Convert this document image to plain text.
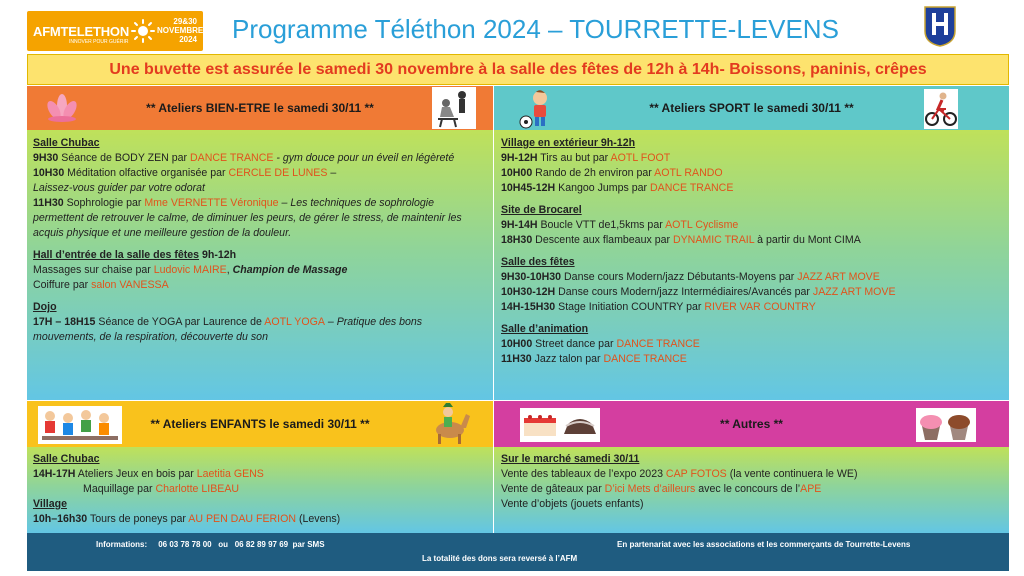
AFMTELETHON
INNOVER POUR GUÉRIR
29&30 NOVEMBRE 2024 Programme Téléthon 2024 – TOURRETTE-LEVENS
Une buvette est assurée le samedi 30 novembre à la salle des fêtes de 12h à 14h- Boissons, paninis, crêpes
** Ateliers BIEN-ETRE le samedi 30/11 **
Salle Chubac
9H30 Séance de BODY ZEN par DANCE TRANCE - gym douce pour un éveil en légèreté
10H30 Méditation olfactive organisée par CERCLE DE LUNES –
Laissez-vous guider par votre odorat
11H30 Sophrologie par Mme VERNETTE Véronique – Les techniques de sophrologie permettent de retrouver le calme, de diminuer les peurs, de gérer le stress, de maintenir les acquis physique et une meilleure gestion de la douleur.
Hall d’entrée de la salle des fêtes 9h-12h
Massages sur chaise par Ludovic MAIRE, Champion de Massage
Coiffure par salon VANESSA
Dojo
17H – 18H15 Séance de YOGA par Laurence de AOTL YOGA – Pratique des bons mouvements, de la respiration, découverte du son
** Ateliers SPORT le samedi 30/11 **
Village en extérieur 9h-12h
9H-12H Tirs au but par AOTL FOOT
10H00 Rando de 2h environ par AOTL RANDO
10H45-12H Kangoo Jumps par DANCE TRANCE
Site de Brocarel
9H-14H Boucle VTT de1,5kms par AOTL Cyclisme
18H30 Descente aux flambeaux par DYNAMIC TRAIL à partir du Mont CIMA
Salle des fêtes
9H30-10H30 Danse cours Modern/jazz Débutants-Moyens par JAZZ ART MOVE
10H30-12H Danse cours Modern/jazz Intermédiaires/Avancés par JAZZ ART MOVE
14H-15H30 Stage Initiation COUNTRY par RIVER VAR COUNTRY
Salle d’animation
10H00 Street dance par DANCE TRANCE
11H30 Jazz talon par DANCE TRANCE
** Ateliers ENFANTS le samedi 30/11 **
Salle Chubac
14H-17H Ateliers Jeux en bois par Laetitia GENS
Maquillage par Charlotte LIBEAU
Village
10h–16h30 Tours de poneys par AU PEN DAU FERION (Levens)
** Autres **
Sur le marché samedi 30/11
Vente des tableaux de l’expo 2023 CAP FOTOS (la vente continuera le WE)
Vente de gâteaux par D’ici Mets d’ailleurs avec le concours de l’APE
Vente d’objets (jouets enfants)
Informations:     06 03 78 78 00   ou   06 82 89 97 69  par SMS	En partenariat avec les associations et les commerçants de Tourrette-Levens
La totalité des dons sera reversé à l’AFM
